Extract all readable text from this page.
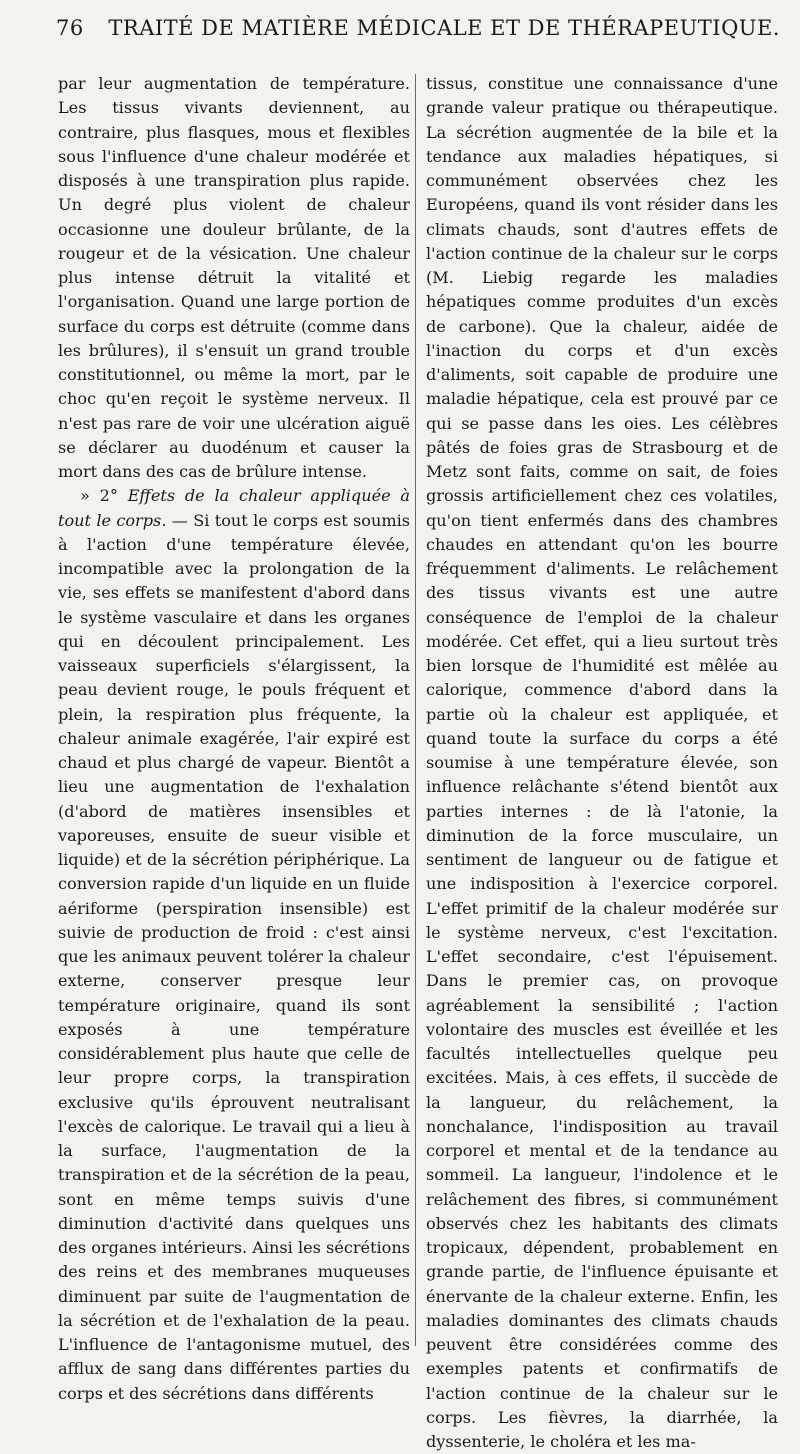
76	TRAITÉ DE MATIÈRE MÉDICALE ET DE THÉRAPEUTIQUE.

par leur augmentation de température. Les tissus vivants deviennent, au contraire, plus flasques, mous et flexibles sous l'influence d'une chaleur modérée et disposés à une transpiration plus rapide. Un degré plus violent de chaleur occasionne une douleur brûlante, de la rougeur et de la vésication. Une chaleur plus intense détruit la vitalité et l'organisation. Quand une large portion de surface du corps est détruite (comme dans les brûlures), il s'ensuit un grand trouble constitutionnel, ou même la mort, par le choc qu'en reçoit le système nerveux. Il n'est pas rare de voir une ulcération aiguë se déclarer au duodénum et causer la mort dans des cas de brûlure intense.

» 2° Effets de la chaleur appliquée à tout le corps. — Si tout le corps est soumis à l'action d'une température élevée, incompatible avec la prolongation de la vie, ses effets se manifestent d'abord dans le système vasculaire et dans les organes qui en découlent principalement. Les vaisseaux superficiels s'élargissent, la peau devient rouge, le pouls fréquent et plein, la respiration plus fréquente, la chaleur animale exagérée, l'air expiré est chaud et plus chargé de vapeur. Bientôt a lieu une augmentation de l'exhalation (d'abord de matières insensibles et vaporeuses, ensuite de sueur visible et liquide) et de la sécrétion périphérique. La conversion rapide d'un liquide en un fluide aériforme (perspiration insensible) est suivie de production de froid : c'est ainsi que les animaux peuvent tolérer la chaleur externe, conserver presque leur température originaire, quand ils sont exposés à une température considérablement plus haute que celle de leur propre corps, la transpiration exclusive qu'ils éprouvent neutralisant l'excès de calorique. Le travail qui a lieu à la surface, l'augmentation de la transpiration et de la sécrétion de la peau, sont en même temps suivis d'une diminution d'activité dans quelques uns des organes intérieurs. Ainsi les sécrétions des reins et des membranes muqueuses diminuent par suite de l'augmentation de la sécrétion et de l'exhalation de la peau. L'influence de l'antagonisme mutuel, des afflux de sang dans différentes parties du corps et des sécrétions dans différents

tissus, constitue une connaissance d'une grande valeur pratique ou thérapeutique. La sécrétion augmentée de la bile et la tendance aux maladies hépatiques, si communément observées chez les Européens, quand ils vont résider dans les climats chauds, sont d'autres effets de l'action continue de la chaleur sur le corps (M. Liebig regarde les maladies hépatiques comme produites d'un excès de carbone). Que la chaleur, aidée de l'inaction du corps et d'un excès d'aliments, soit capable de produire une maladie hépatique, cela est prouvé par ce qui se passe dans les oies. Les célèbres pâtés de foies gras de Strasbourg et de Metz sont faits, comme on sait, de foies grossis artificiellement chez ces volatiles, qu'on tient enfermés dans des chambres chaudes en attendant qu'on les bourre fréquemment d'aliments. Le relâchement des tissus vivants est une autre conséquence de l'emploi de la chaleur modérée. Cet effet, qui a lieu surtout très bien lorsque de l'humidité est mêlée au calorique, commence d'abord dans la partie où la chaleur est appliquée, et quand toute la surface du corps a été soumise à une température élevée, son influence relâchante s'étend bientôt aux parties internes : de là l'atonie, la diminution de la force musculaire, un sentiment de langueur ou de fatigue et une indisposition à l'exercice corporel. L'effet primitif de la chaleur modérée sur le système nerveux, c'est l'excitation. L'effet secondaire, c'est l'épuisement. Dans le premier cas, on provoque agréablement la sensibilité ; l'action volontaire des muscles est éveillée et les facultés intellectuelles quelque peu excitées. Mais, à ces effets, il succède de la langueur, du relâchement, la nonchalance, l'indisposition au travail corporel et mental et de la tendance au sommeil. La langueur, l'indolence et le relâchement des fibres, si communément observés chez les habitants des climats tropicaux, dépendent, probablement en grande partie, de l'influence épuisante et énervante de la chaleur externe. Enfin, les maladies dominantes des climats chauds peuvent être considérées comme des exemples patents et confirmatifs de l'action continue de la chaleur sur le corps. Les fièvres, la diarrhée, la dyssenterie, le choléra et les ma-
